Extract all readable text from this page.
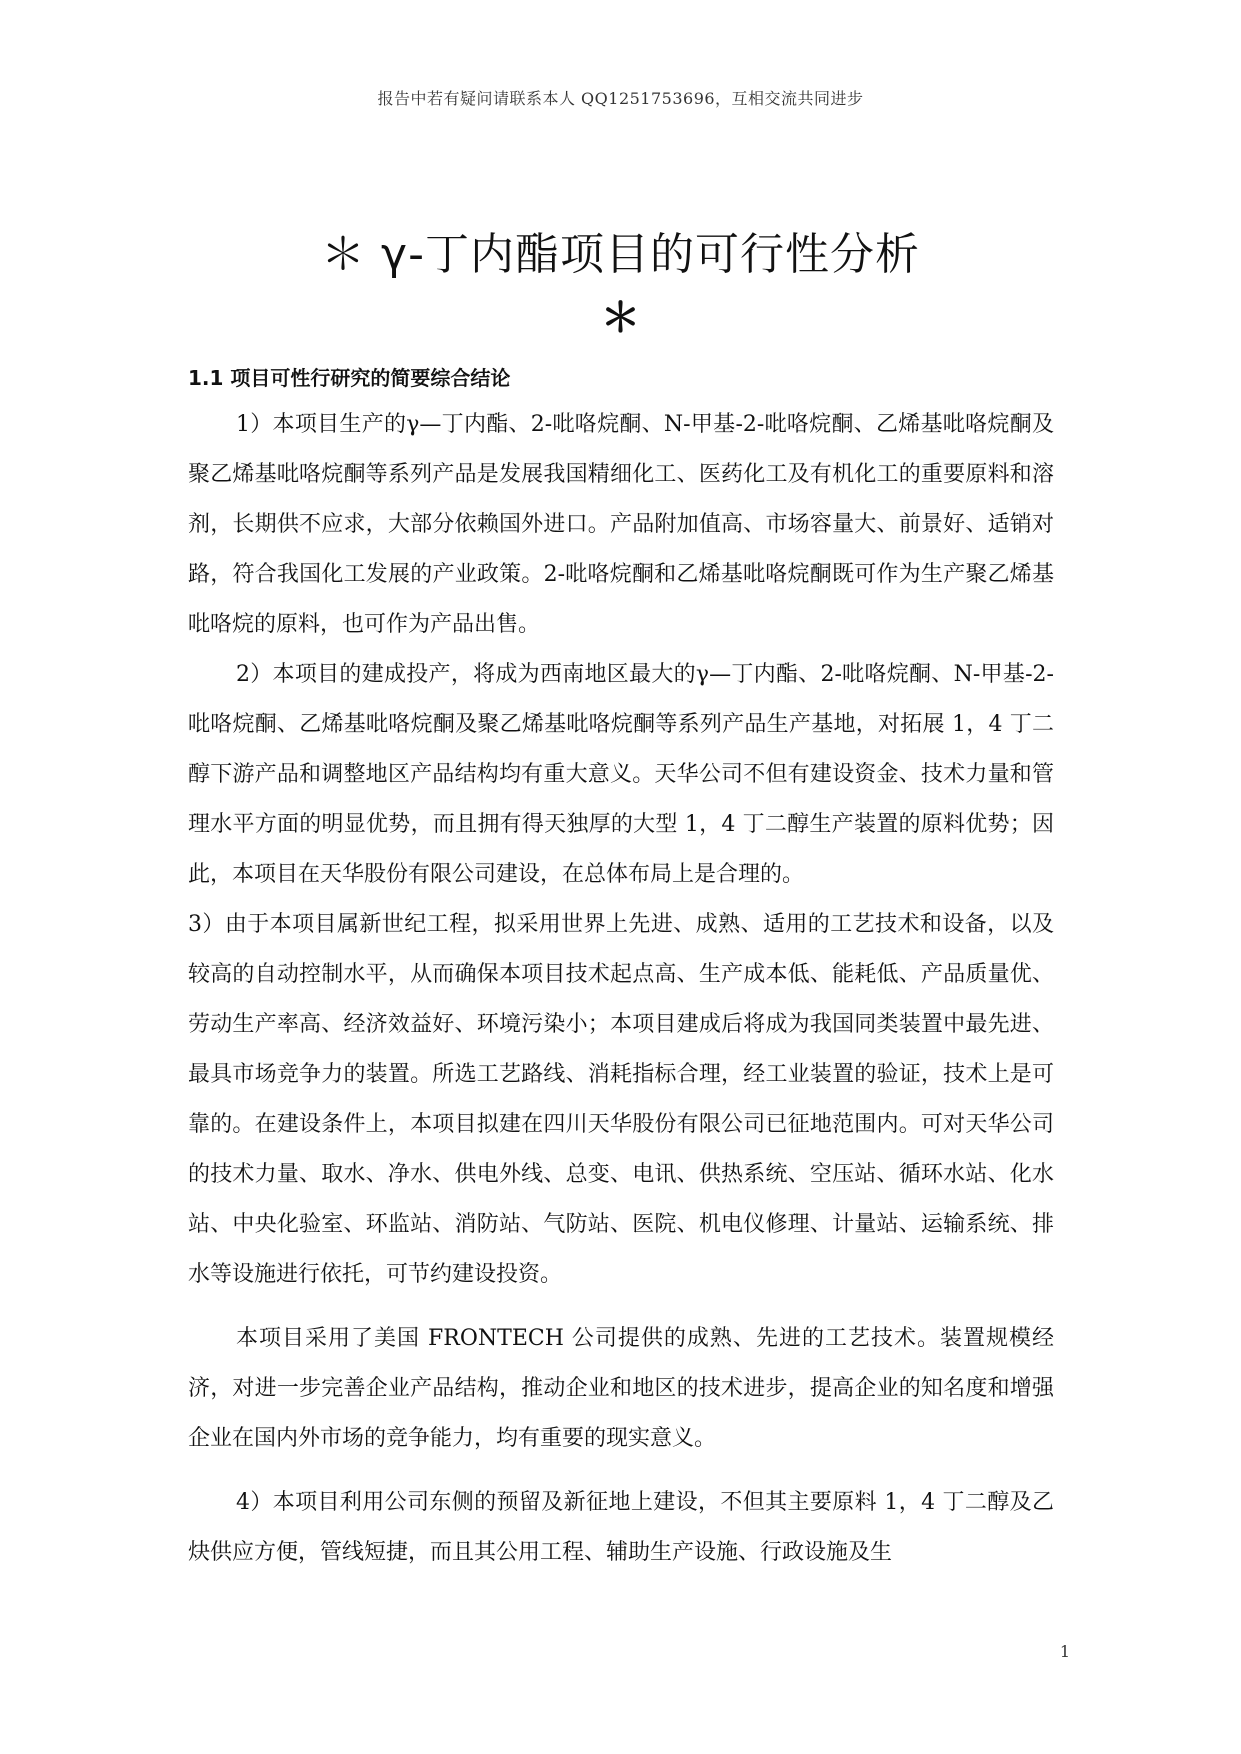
报告中若有疑问请联系本人 QQ1251753696，互相交流共同进步
＊ γ-丁内酯项目的可行性分析
＊
1.1 项目可性行研究的简要综合结论

1）本项目生产的γ—丁内酯、2-吡咯烷酮、N-甲基-2-吡咯烷酮、乙烯基吡咯烷酮及聚乙烯基吡咯烷酮等系列产品是发展我国精细化工、医药化工及有机化工的重要原料和溶剂，长期供不应求，大部分依赖国外进口。产品附加值高、市场容量大、前景好、适销对路，符合我国化工发展的产业政策。2-吡咯烷酮和乙烯基吡咯烷酮既可作为生产聚乙烯基吡咯烷的原料，也可作为产品出售。

2）本项目的建成投产，将成为西南地区最大的γ—丁内酯、2-吡咯烷酮、N-甲基-2-吡咯烷酮、乙烯基吡咯烷酮及聚乙烯基吡咯烷酮等系列产品生产基地，对拓展 1，4 丁二醇下游产品和调整地区产品结构均有重大意义。天华公司不但有建设资金、技术力量和管理水平方面的明显优势，而且拥有得天独厚的大型 1，4 丁二醇生产装置的原料优势；因此，本项目在天华股份有限公司建设，在总体布局上是合理的。

3）由于本项目属新世纪工程，拟采用世界上先进、成熟、适用的工艺技术和设备，以及较高的自动控制水平，从而确保本项目技术起点高、生产成本低、能耗低、产品质量优、劳动生产率高、经济效益好、环境污染小；本项目建成后将成为我国同类装置中最先进、最具市场竞争力的装置。所选工艺路线、消耗指标合理，经工业装置的验证，技术上是可靠的。在建设条件上，本项目拟建在四川天华股份有限公司已征地范围内。可对天华公司的技术力量、取水、净水、供电外线、总变、电讯、供热系统、空压站、循环水站、化水站、中央化验室、环监站、消防站、气防站、医院、机电仪修理、计量站、运输系统、排水等设施进行依托，可节约建设投资。

本项目采用了美国 FRONTECH 公司提供的成熟、先进的工艺技术。装置规模经济，对进一步完善企业产品结构，推动企业和地区的技术进步，提高企业的知名度和增强企业在国内外市场的竞争能力，均有重要的现实意义。

4）本项目利用公司东侧的预留及新征地上建设，不但其主要原料 1，4 丁二醇及乙炔供应方便，管线短捷，而且其公用工程、辅助生产设施、行政设施及生

1
